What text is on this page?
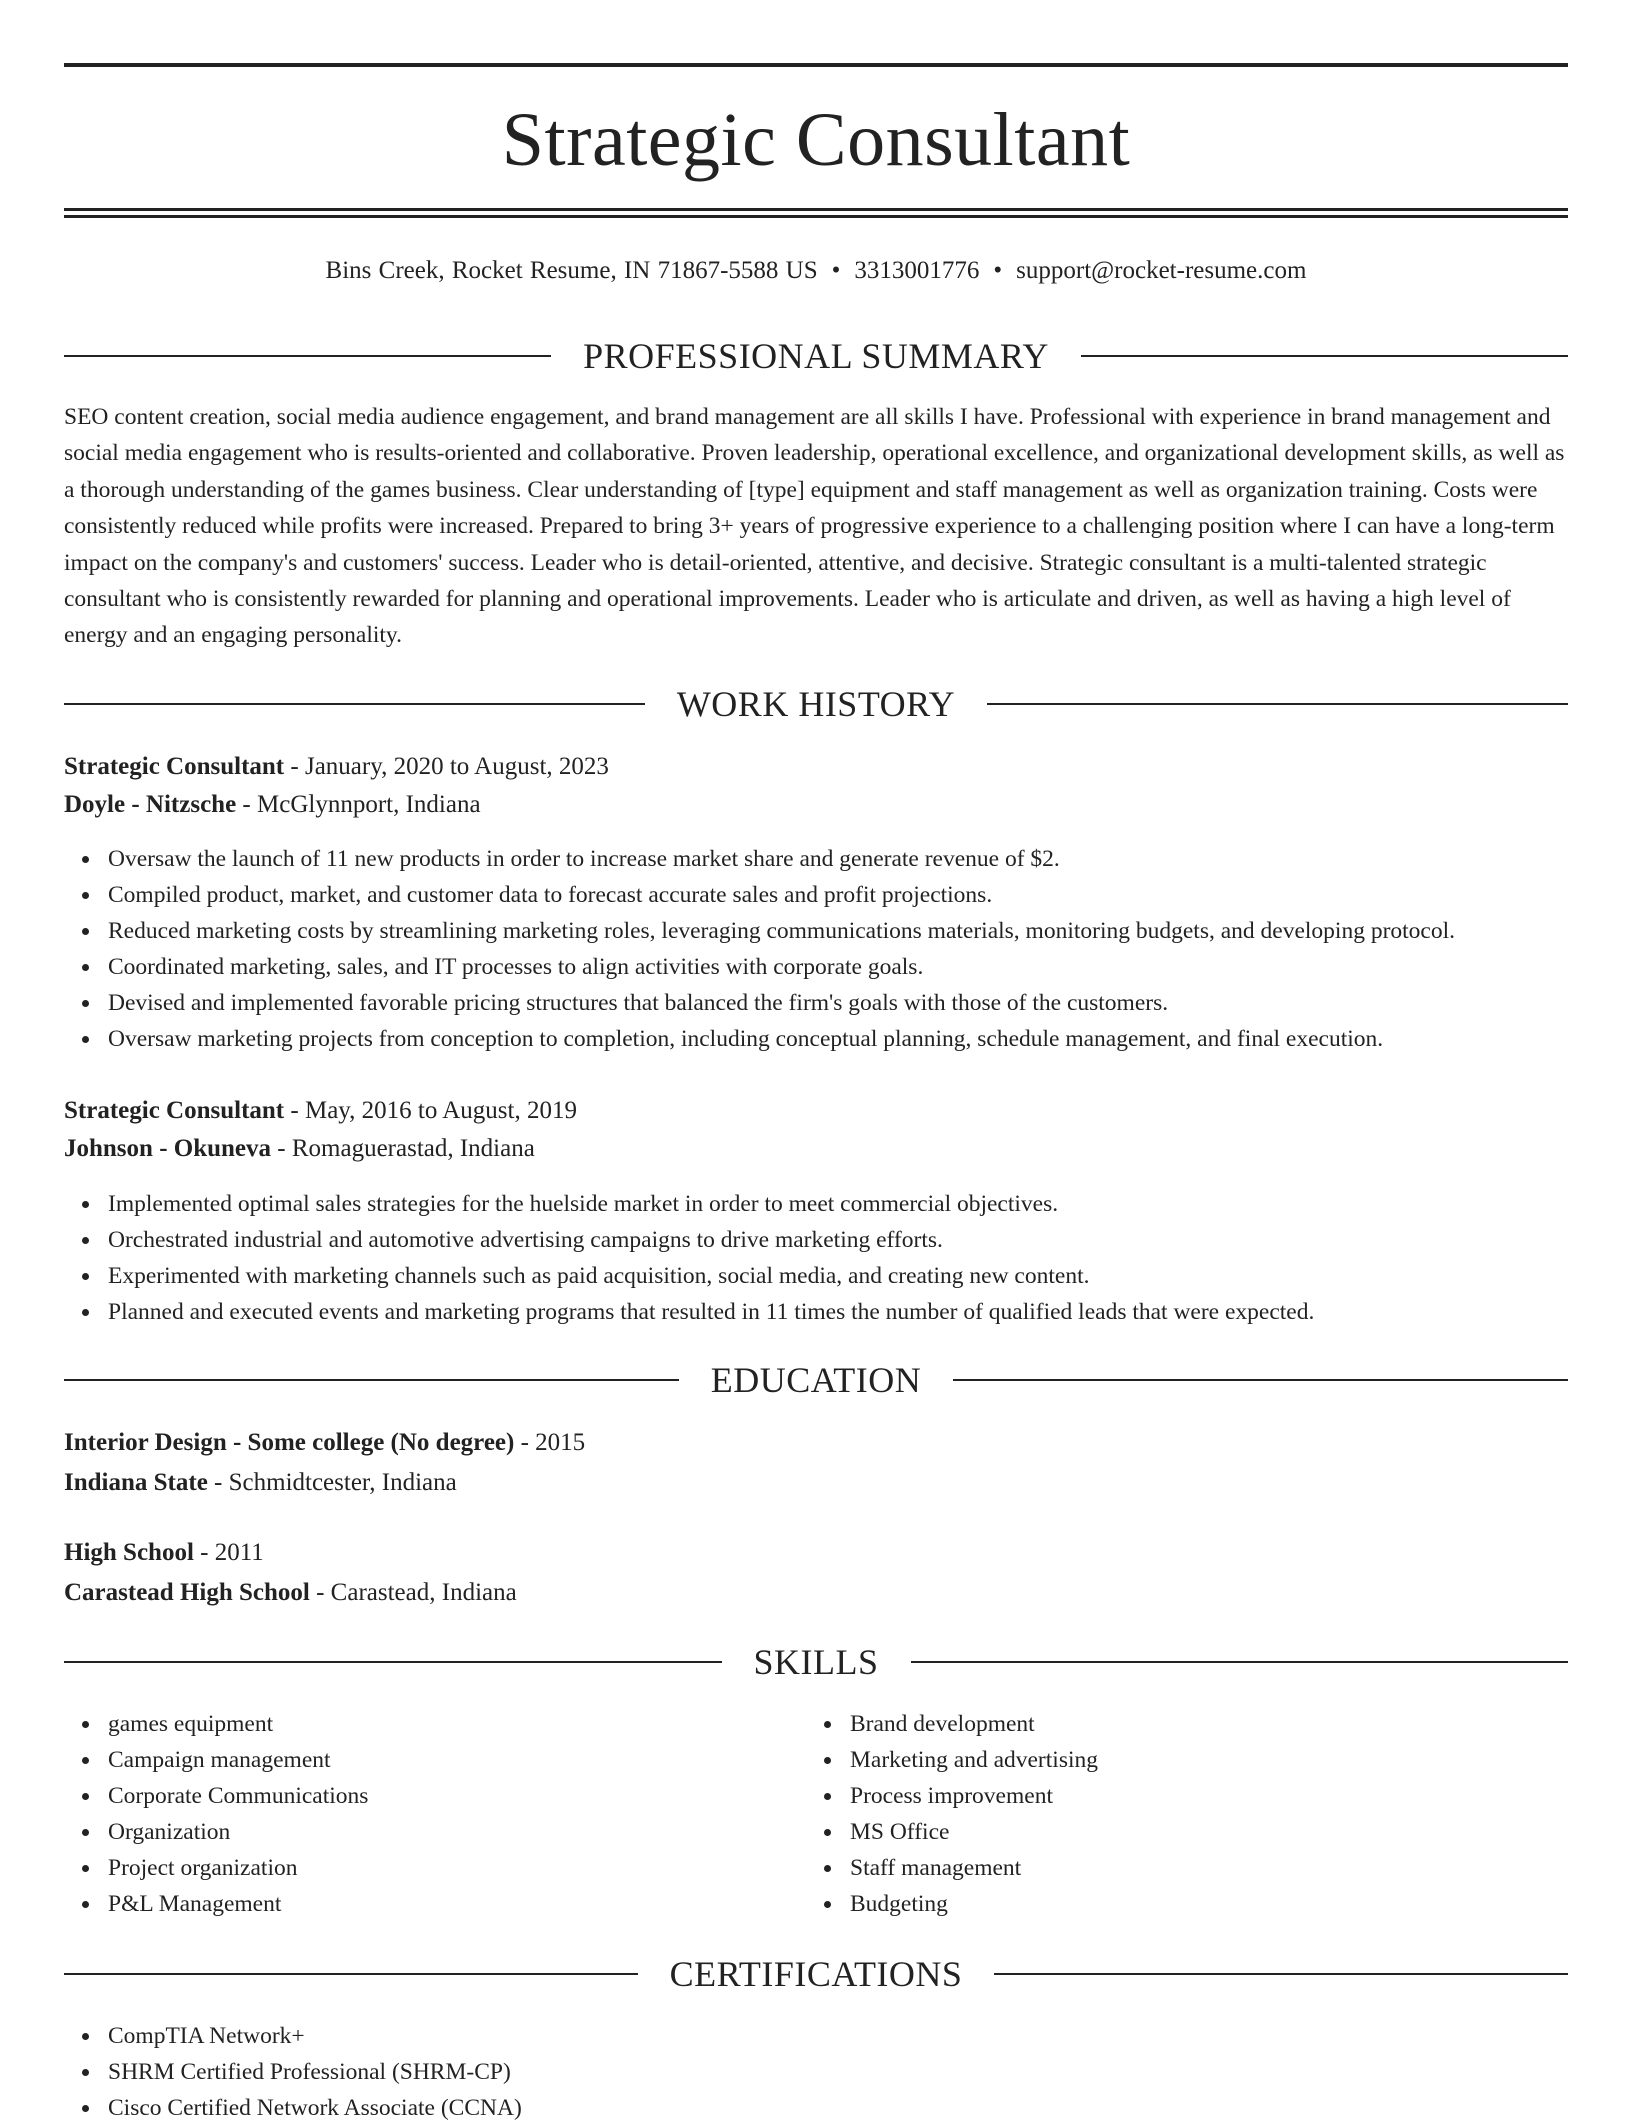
Strategic Consultant
Bins Creek, Rocket Resume, IN 71867-5588 US • 3313001776 • support@rocket-resume.com
PROFESSIONAL SUMMARY

SEO content creation, social media audience engagement, and brand management are all skills I have. Professional with experience in brand management and social media engagement who is results-oriented and collaborative. Proven leadership, operational excellence, and organizational development skills, as well as a thorough understanding of the games business. Clear understanding of [type] equipment and staff management as well as organization training. Costs were consistently reduced while profits were increased. Prepared to bring 3+ years of progressive experience to a challenging position where I can have a long-term impact on the company's and customers' success. Leader who is detail-oriented, attentive, and decisive. Strategic consultant is a multi-talented strategic consultant who is consistently rewarded for planning and operational improvements. Leader who is articulate and driven, as well as having a high level of energy and an engaging personality.

WORK HISTORY
Strategic Consultant - January, 2020 to August, 2023
Doyle - Nitzsche - McGlynnport, Indiana
Oversaw the launch of 11 new products in order to increase market share and generate revenue of $2.
Compiled product, market, and customer data to forecast accurate sales and profit projections.
Reduced marketing costs by streamlining marketing roles, leveraging communications materials, monitoring budgets, and developing protocol.
Coordinated marketing, sales, and IT processes to align activities with corporate goals.
Devised and implemented favorable pricing structures that balanced the firm's goals with those of the customers.
Oversaw marketing projects from conception to completion, including conceptual planning, schedule management, and final execution.
Strategic Consultant - May, 2016 to August, 2019
Johnson - Okuneva - Romaguerastad, Indiana
Implemented optimal sales strategies for the huelside market in order to meet commercial objectives.
Orchestrated industrial and automotive advertising campaigns to drive marketing efforts.
Experimented with marketing channels such as paid acquisition, social media, and creating new content.
Planned and executed events and marketing programs that resulted in 11 times the number of qualified leads that were expected.
EDUCATION
Interior Design - Some college (No degree) - 2015
Indiana State - Schmidtcester, Indiana
High School - 2011
Carastead High School - Carastead, Indiana
SKILLS
games equipment
Campaign management
Corporate Communications
Organization
Project organization
P&L Management
Brand development
Marketing and advertising
Process improvement
MS Office
Staff management
Budgeting
CERTIFICATIONS
CompTIA Network+
SHRM Certified Professional (SHRM-CP)
Cisco Certified Network Associate (CCNA)
